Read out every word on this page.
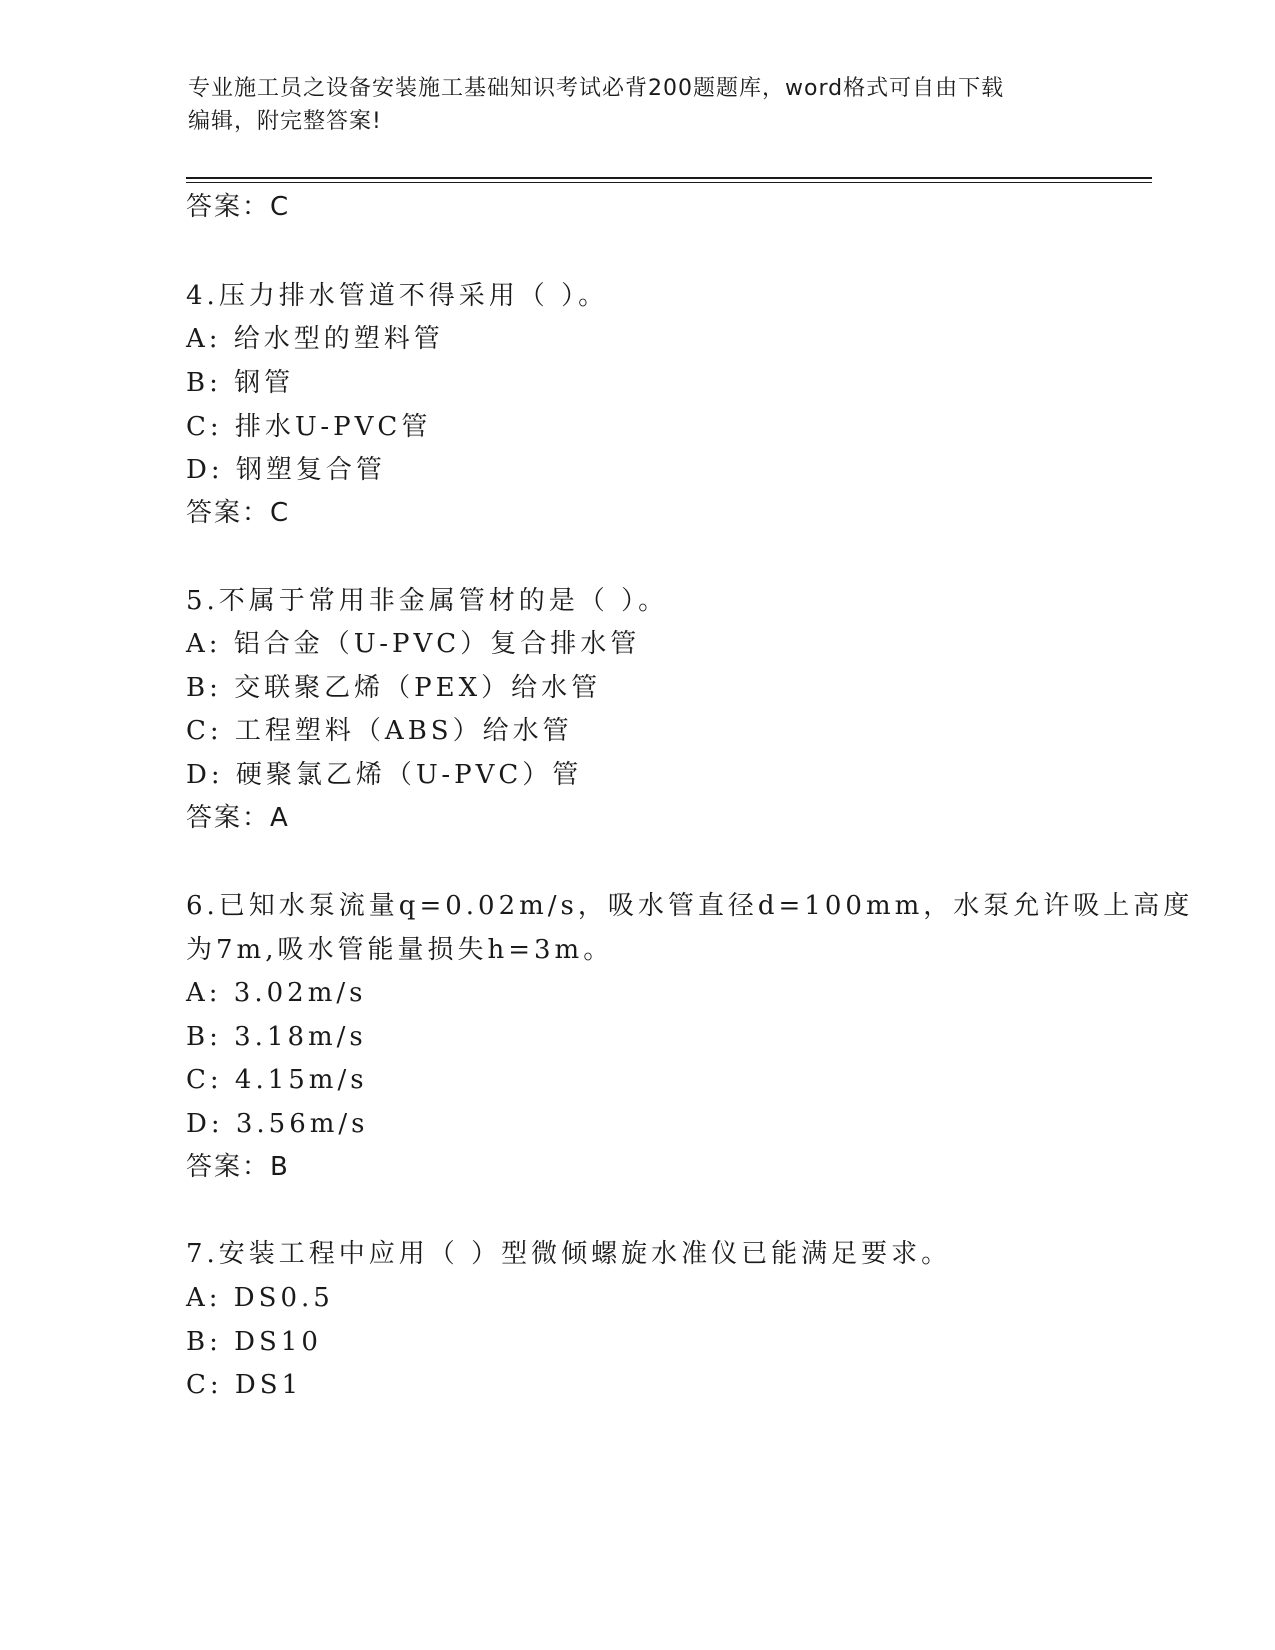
专业施工员之设备安装施工基础知识考试必背200题题库，word格式可自由下载
编辑，附完整答案!
答案：C
4.压力排水管道不得采用（ ）。
A: 给水型的塑料管
B: 钢管
C: 排水U-PVC管
D: 钢塑复合管
答案：C
5.不属于常用非金属管材的是（ ）。
A: 铝合金（U-PVC）复合排水管
B: 交联聚乙烯（PEX）给水管
C: 工程塑料（ABS）给水管
D: 硬聚氯乙烯（U-PVC）管
答案：A
6.已知水泵流量q=0.02m/s，吸水管直径d=100mm，水泵允许吸上高度
为7m,吸水管能量损失h=3m。
A: 3.02m/s
B: 3.18m/s
C: 4.15m/s
D: 3.56m/s
答案：B
7.安装工程中应用（ ）型微倾螺旋水准仪已能满足要求。
A: DS0.5
B: DS10
C: DS1
